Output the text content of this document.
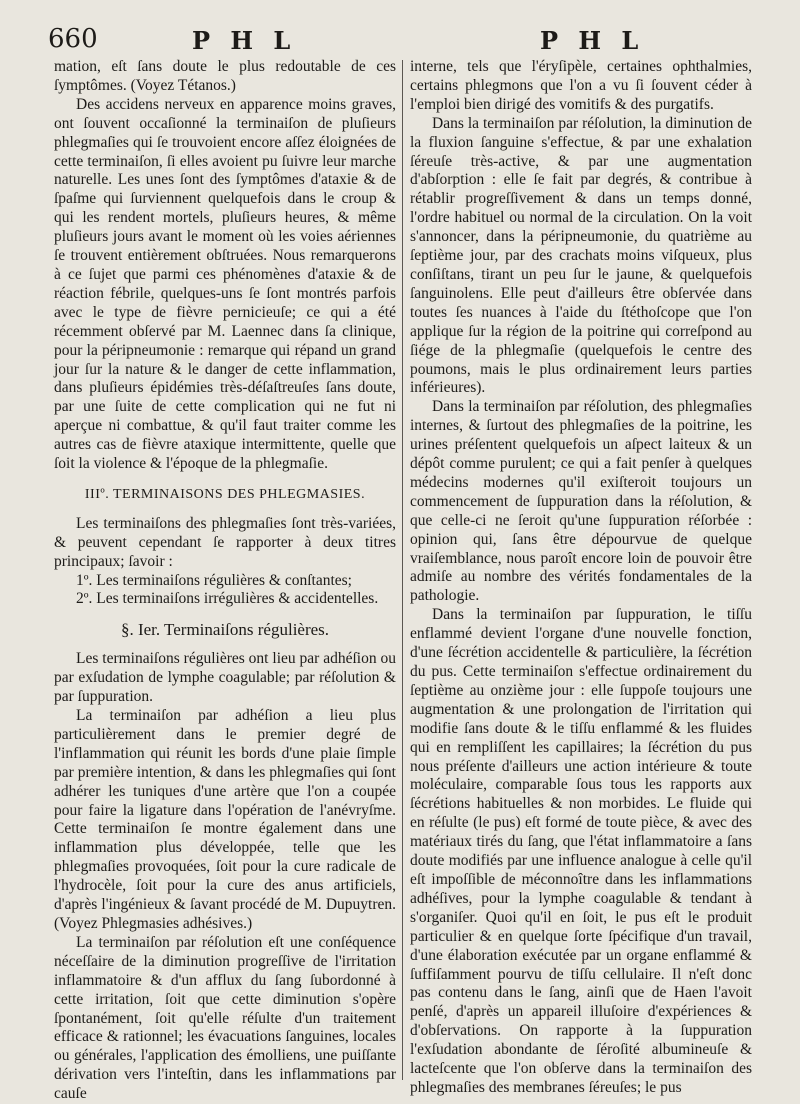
660	P H L	P H L

mation, eſt ſans doute le plus redoutable de ces ſymptômes. (Voyez Tétanos.)

Des accidens nerveux en apparence moins graves, ont ſouvent occaſionné la terminaiſon de pluſieurs phlegmaſies qui ſe trouvoient encore aſſez éloignées de cette terminaiſon, ſi elles avoient pu ſuivre leur marche naturelle. Les unes ſont des ſymptômes d'ataxie & de ſpaſme qui ſurviennent quelquefois dans le croup & qui les rendent mortels, pluſieurs heures, & même pluſieurs jours avant le moment où les voies aériennes ſe trouvent entièrement obſtruées. Nous remarquerons à ce ſujet que parmi ces phénomènes d'ataxie & de réaction fébrile, quelques-uns ſe ſont montrés parfois avec le type de fièvre pernicieuſe; ce qui a été récemment obſervé par M. Laennec dans ſa clinique, pour la péripneumonie : remarque qui répand un grand jour ſur la nature & le danger de cette inflammation, dans pluſieurs épidémies très-déſaſtreuſes ſans doute, par une ſuite de cette complication qui ne fut ni aperçue ni combattue, & qu'il faut traiter comme les autres cas de fièvre ataxique intermittente, quelle que ſoit la violence & l'époque de la phlegmaſie.

IIIº. TERMINAISONS DES PHLEGMASIES.

Les terminaiſons des phlegmaſies ſont très-variées, & peuvent cependant ſe rapporter à deux titres principaux; ſavoir :

1º. Les terminaiſons régulières & conſtantes;

2º. Les terminaiſons irrégulières & accidentelles.

§. Ier. Terminaiſons régulières.

Les terminaiſons régulières ont lieu par adhéſion ou par exſudation de lymphe coagulable; par réſolution & par ſuppuration.

La terminaiſon par adhéſion a lieu plus particulièrement dans le premier degré de l'inflammation qui réunit les bords d'une plaie ſimple par première intention, & dans les phlegmaſies qui ſont adhérer les tuniques d'une artère que l'on a coupée pour faire la ligature dans l'opération de l'anévryſme. Cette terminaiſon ſe montre également dans une inflammation plus développée, telle que les phlegmaſies provoquées, ſoit pour la cure radicale de l'hydrocèle, ſoit pour la cure des anus artificiels, d'après l'ingénieux & ſavant procédé de M. Dupuytren. (Voyez Phlegmasies adhésives.)

La terminaiſon par réſolution eſt une conſéquence néceſſaire de la diminution progreſſive de l'irritation inflammatoire & d'un afflux du ſang ſubordonné à cette irritation, ſoit que cette diminution s'opère ſpontanément, ſoit qu'elle réſulte d'un traitement efficace & rationnel; les évacuations ſanguines, locales ou générales, l'application des émolliens, une puiſſante dérivation vers l'inteſtin, dans les inflammations par cauſe

interne, tels que l'éryſipèle, certaines ophthalmies, certains phlegmons que l'on a vu ſi ſouvent céder à l'emploi bien dirigé des vomitifs & des purgatifs.

Dans la terminaiſon par réſolution, la diminution de la fluxion ſanguine s'effectue, & par une exhalation ſéreuſe très-active, & par une augmentation d'abſorption : elle ſe fait par degrés, & contribue à rétablir progreſſivement & dans un temps donné, l'ordre habituel ou normal de la circulation. On la voit s'annoncer, dans la péripneumonie, du quatrième au ſeptième jour, par des crachats moins viſqueux, plus conſiſtans, tirant un peu ſur le jaune, & quelquefois ſanguinolens. Elle peut d'ailleurs être obſervée dans toutes ſes nuances à l'aide du ſtéthoſcope que l'on applique ſur la région de la poitrine qui correſpond au ſiége de la phlegmaſie (quelquefois le centre des poumons, mais le plus ordinairement leurs parties inférieures).

Dans la terminaiſon par réſolution, des phlegmaſies internes, & ſurtout des phlegmaſies de la poitrine, les urines préſentent quelquefois un aſpect laiteux & un dépôt comme purulent; ce qui a fait penſer à quelques médecins modernes qu'il exiſteroit toujours un commencement de ſuppuration dans la réſolution, & que celle-ci ne ſeroit qu'une ſuppuration réſorbée : opinion qui, ſans être dépourvue de quelque vraiſemblance, nous paroît encore loin de pouvoir être admiſe au nombre des vérités fondamentales de la pathologie.

Dans la terminaiſon par ſuppuration, le tiſſu enflammé devient l'organe d'une nouvelle fonction, d'une ſécrétion accidentelle & particulière, la ſécrétion du pus. Cette terminaiſon s'effectue ordinairement du ſeptième au onzième jour : elle ſuppoſe toujours une augmentation & une prolongation de l'irritation qui modifie ſans doute & le tiſſu enflammé & les fluides qui en rempliſſent les capillaires; la ſécrétion du pus nous préſente d'ailleurs une action intérieure & toute moléculaire, comparable ſous tous les rapports aux ſécrétions habituelles & non morbides. Le fluide qui en réſulte (le pus) eſt formé de toute pièce, & avec des matériaux tirés du ſang, que l'état inflammatoire a ſans doute modifiés par une influence analogue à celle qu'il eſt impoſſible de méconnoître dans les inflammations adhéſives, pour la lymphe coagulable & tendant à s'organiſer. Quoi qu'il en ſoit, le pus eſt le produit particulier & en quelque ſorte ſpécifique d'un travail, d'une élaboration exécutée par un organe enflammé & ſuffiſamment pourvu de tiſſu cellulaire. Il n'eſt donc pas contenu dans le ſang, ainſi que de Haen l'avoit penſé, d'après un appareil illuſoire d'expériences & d'obſervations. On rapporte à la ſuppuration l'exſudation abondante de ſéroſité albumineuſe & lacteſcente que l'on obſerve dans la terminaiſon des phlegmaſies des membranes ſéreuſes; le pus
